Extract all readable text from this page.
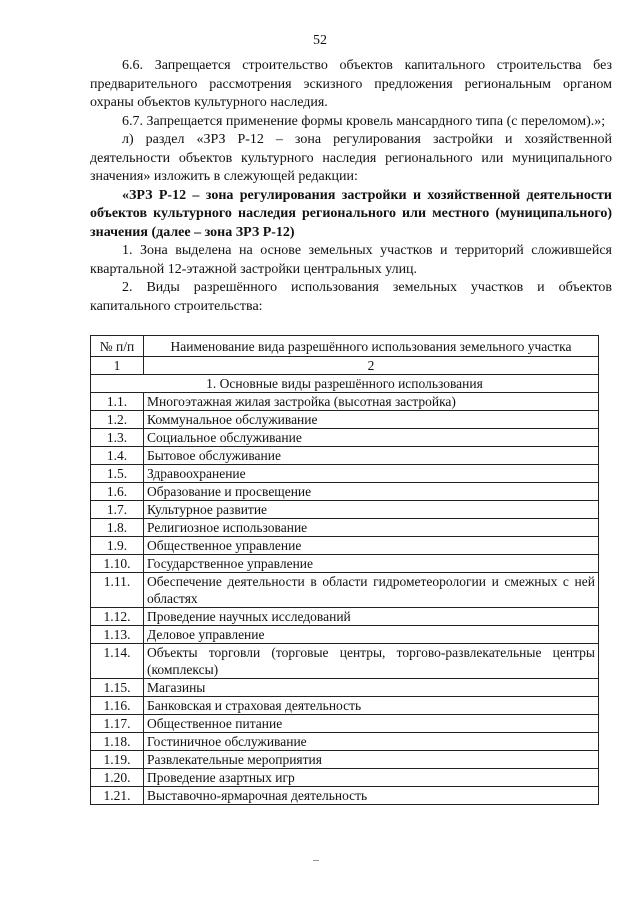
52

6.6. Запрещается строительство объектов капитального строительства без предварительного рассмотрения эскизного предложения региональным органом охраны объектов культурного наследия.

6.7. Запрещается применение формы кровель мансардного типа (с переломом).»;

л) раздел «ЗРЗ Р-12 – зона регулирования застройки и хозяйственной деятельности объектов культурного наследия регионального или муниципального значения» изложить в слежующей редакции:

«ЗРЗ Р-12 – зона регулирования застройки и хозяйственной деятельности объектов культурного наследия регионального или местного (муниципального) значения (далее – зона ЗРЗ Р-12)

1. Зона выделена на основе земельных участков и территорий сложившейся квартальной 12-этажной застройки центральных улиц.

2. Виды разрешённого использования земельных участков и объектов капитального строительства:

№ п/п	Наименование вида разрешённого использования земельного участка
1	2
1. Основные виды разрешённого использования	
1.1.	Многоэтажная жилая застройка (высотная застройка)
1.2.	Коммунальное обслуживание
1.3.	Социальное обслуживание
1.4.	Бытовое обслуживание
1.5.	Здравоохранение
1.6.	Образование и просвещение
1.7.	Культурное развитие
1.8.	Религиозное использование
1.9.	Общественное управление
1.10.	Государственное управление
1.11.	Обеспечение деятельности в области гидрометеорологии и смежных с ней областях
1.12.	Проведение научных исследований
1.13.	Деловое управление
1.14.	Объекты торговли (торговые центры, торгово-развлекательные центры (комплексы)
1.15.	Магазины
1.16.	Банковская и страховая деятельность
1.17.	Общественное питание
1.18.	Гостиничное обслуживание
1.19.	Развлекательные мероприятия
1.20.	Проведение азартных игр
1.21.	Выставочно-ярмарочная деятельность
